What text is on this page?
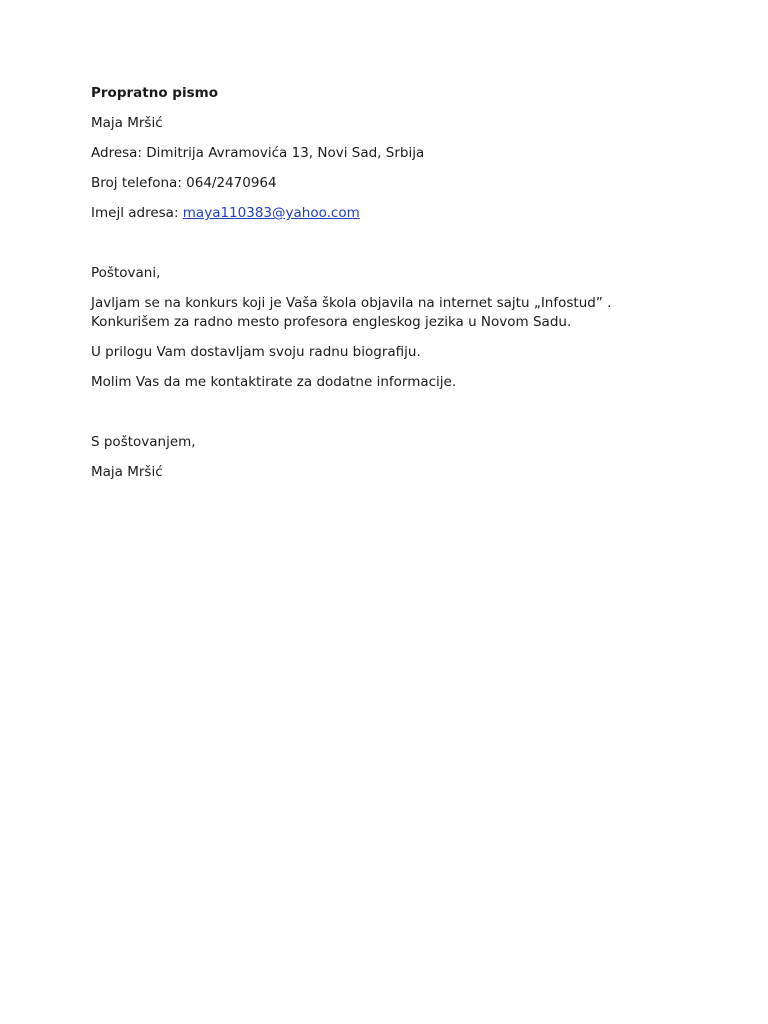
Propratno pismo

Maja Mršić

Adresa: Dimitrija Avramovića 13, Novi Sad, Srbija

Broj telefona: 064/2470964

Imejl adresa: maya110383@yahoo.com

Poštovani,

Javljam se na konkurs koji je Vaša škola objavila na internet sajtu „Infostud” .

Konkurišem za radno mesto profesora engleskog jezika u Novom Sadu.

U prilogu Vam dostavljam svoju radnu biografiju.

Molim Vas da me kontaktirate za dodatne informacije.

S poštovanjem,

Maja Mršić
